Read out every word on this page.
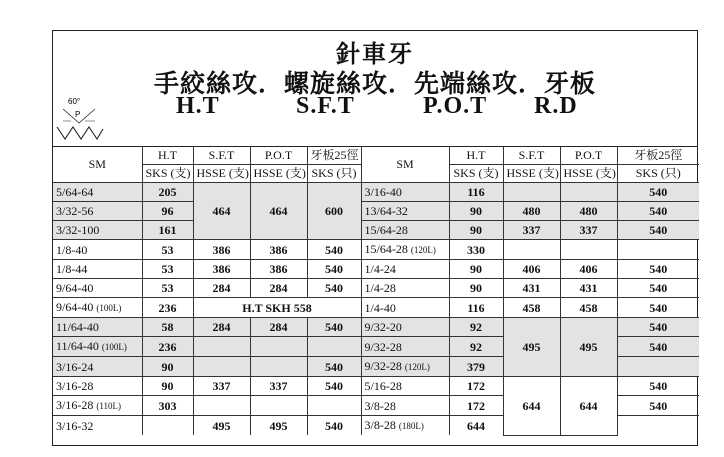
針車牙
手絞絲攻．螺旋絲攻．先端絲攻．牙板
H.T	S.F.T	P.O.T R.D
60°
P
SM	H.T	S.F.T	P.O.T	牙板25徑	SM	H.T	S.F.T	P.O.T	牙板25徑
	SKS (支)	HSSE (支)	HSSE (支)	SKS (只)		SKS (支)	HSSE (支)	HSSE (支)	SKS (只)
5/64-64	205	464	464	600	3/16-40	116			540
3/32-56	96				13/64-32	90	480	480	540
3/32-100	161				15/64-28	90	337	337	540
1/8-40	53	386	386	540	15/64-28 (120L)	330			
1/8-44	53	386	386	540	1/4-24	90	406	406	540
9/64-40	53	284	284	540	1/4-28	90	431	431	540
9/64-40 (100L)	236	H.T SKH 558			1/4-40	116	458	458	540
11/64-40	58	284	284	540	9/32-20	92	495	495	540
11/64-40 (100L)	236				9/32-28	92			540
3/16-24	90			540	9/32-28 (120L)	379			
3/16-28	90	337	337	540	5/16-28	172	644	644	540
3/16-28 (110L)	303				3/8-28	172			540
3/16-32		495	495	540	3/8-28 (180L)	644			
